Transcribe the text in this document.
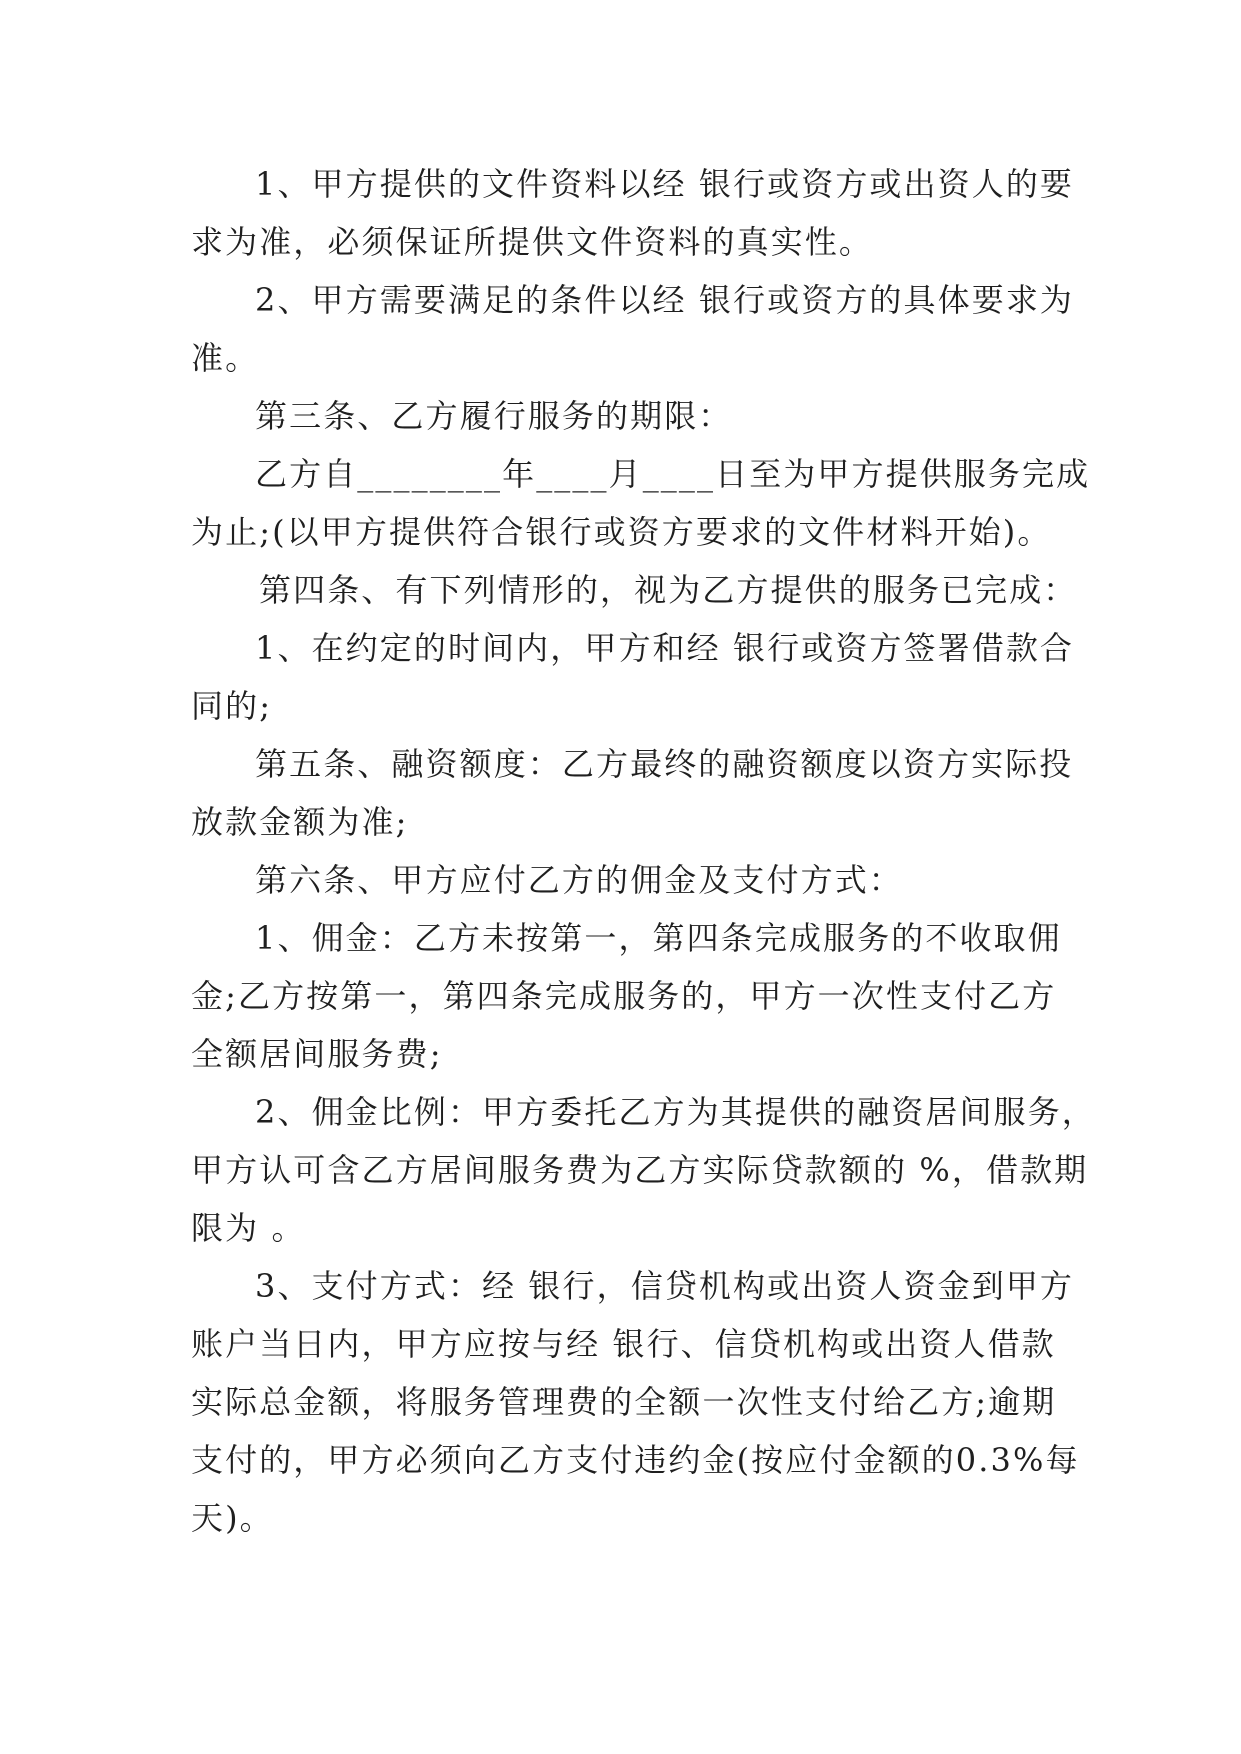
1、甲方提供的文件资料以经 银行或资方或出资人的要
求为准，必须保证所提供文件资料的真实性。
2、甲方需要满足的条件以经 银行或资方的具体要求为
准。
第三条、乙方履行服务的期限：
乙方自________年____月____日至为甲方提供服务完成
为止;(以甲方提供符合银行或资方要求的文件材料开始)。
第四条、有下列情形的，视为乙方提供的服务已完成：
1、在约定的时间内，甲方和经 银行或资方签署借款合
同的;
第五条、融资额度：乙方最终的融资额度以资方实际投
放款金额为准;
第六条、甲方应付乙方的佣金及支付方式：
1、佣金：乙方未按第一，第四条完成服务的不收取佣
金;乙方按第一，第四条完成服务的，甲方一次性支付乙方
全额居间服务费;
2、佣金比例：甲方委托乙方为其提供的融资居间服务，
甲方认可含乙方居间服务费为乙方实际贷款额的 %，借款期
限为 。
3、支付方式：经 银行，信贷机构或出资人资金到甲方
账户当日内，甲方应按与经 银行、信贷机构或出资人借款
实际总金额，将服务管理费的全额一次性支付给乙方;逾期
支付的，甲方必须向乙方支付违约金(按应付金额的0.3%每
天)。
